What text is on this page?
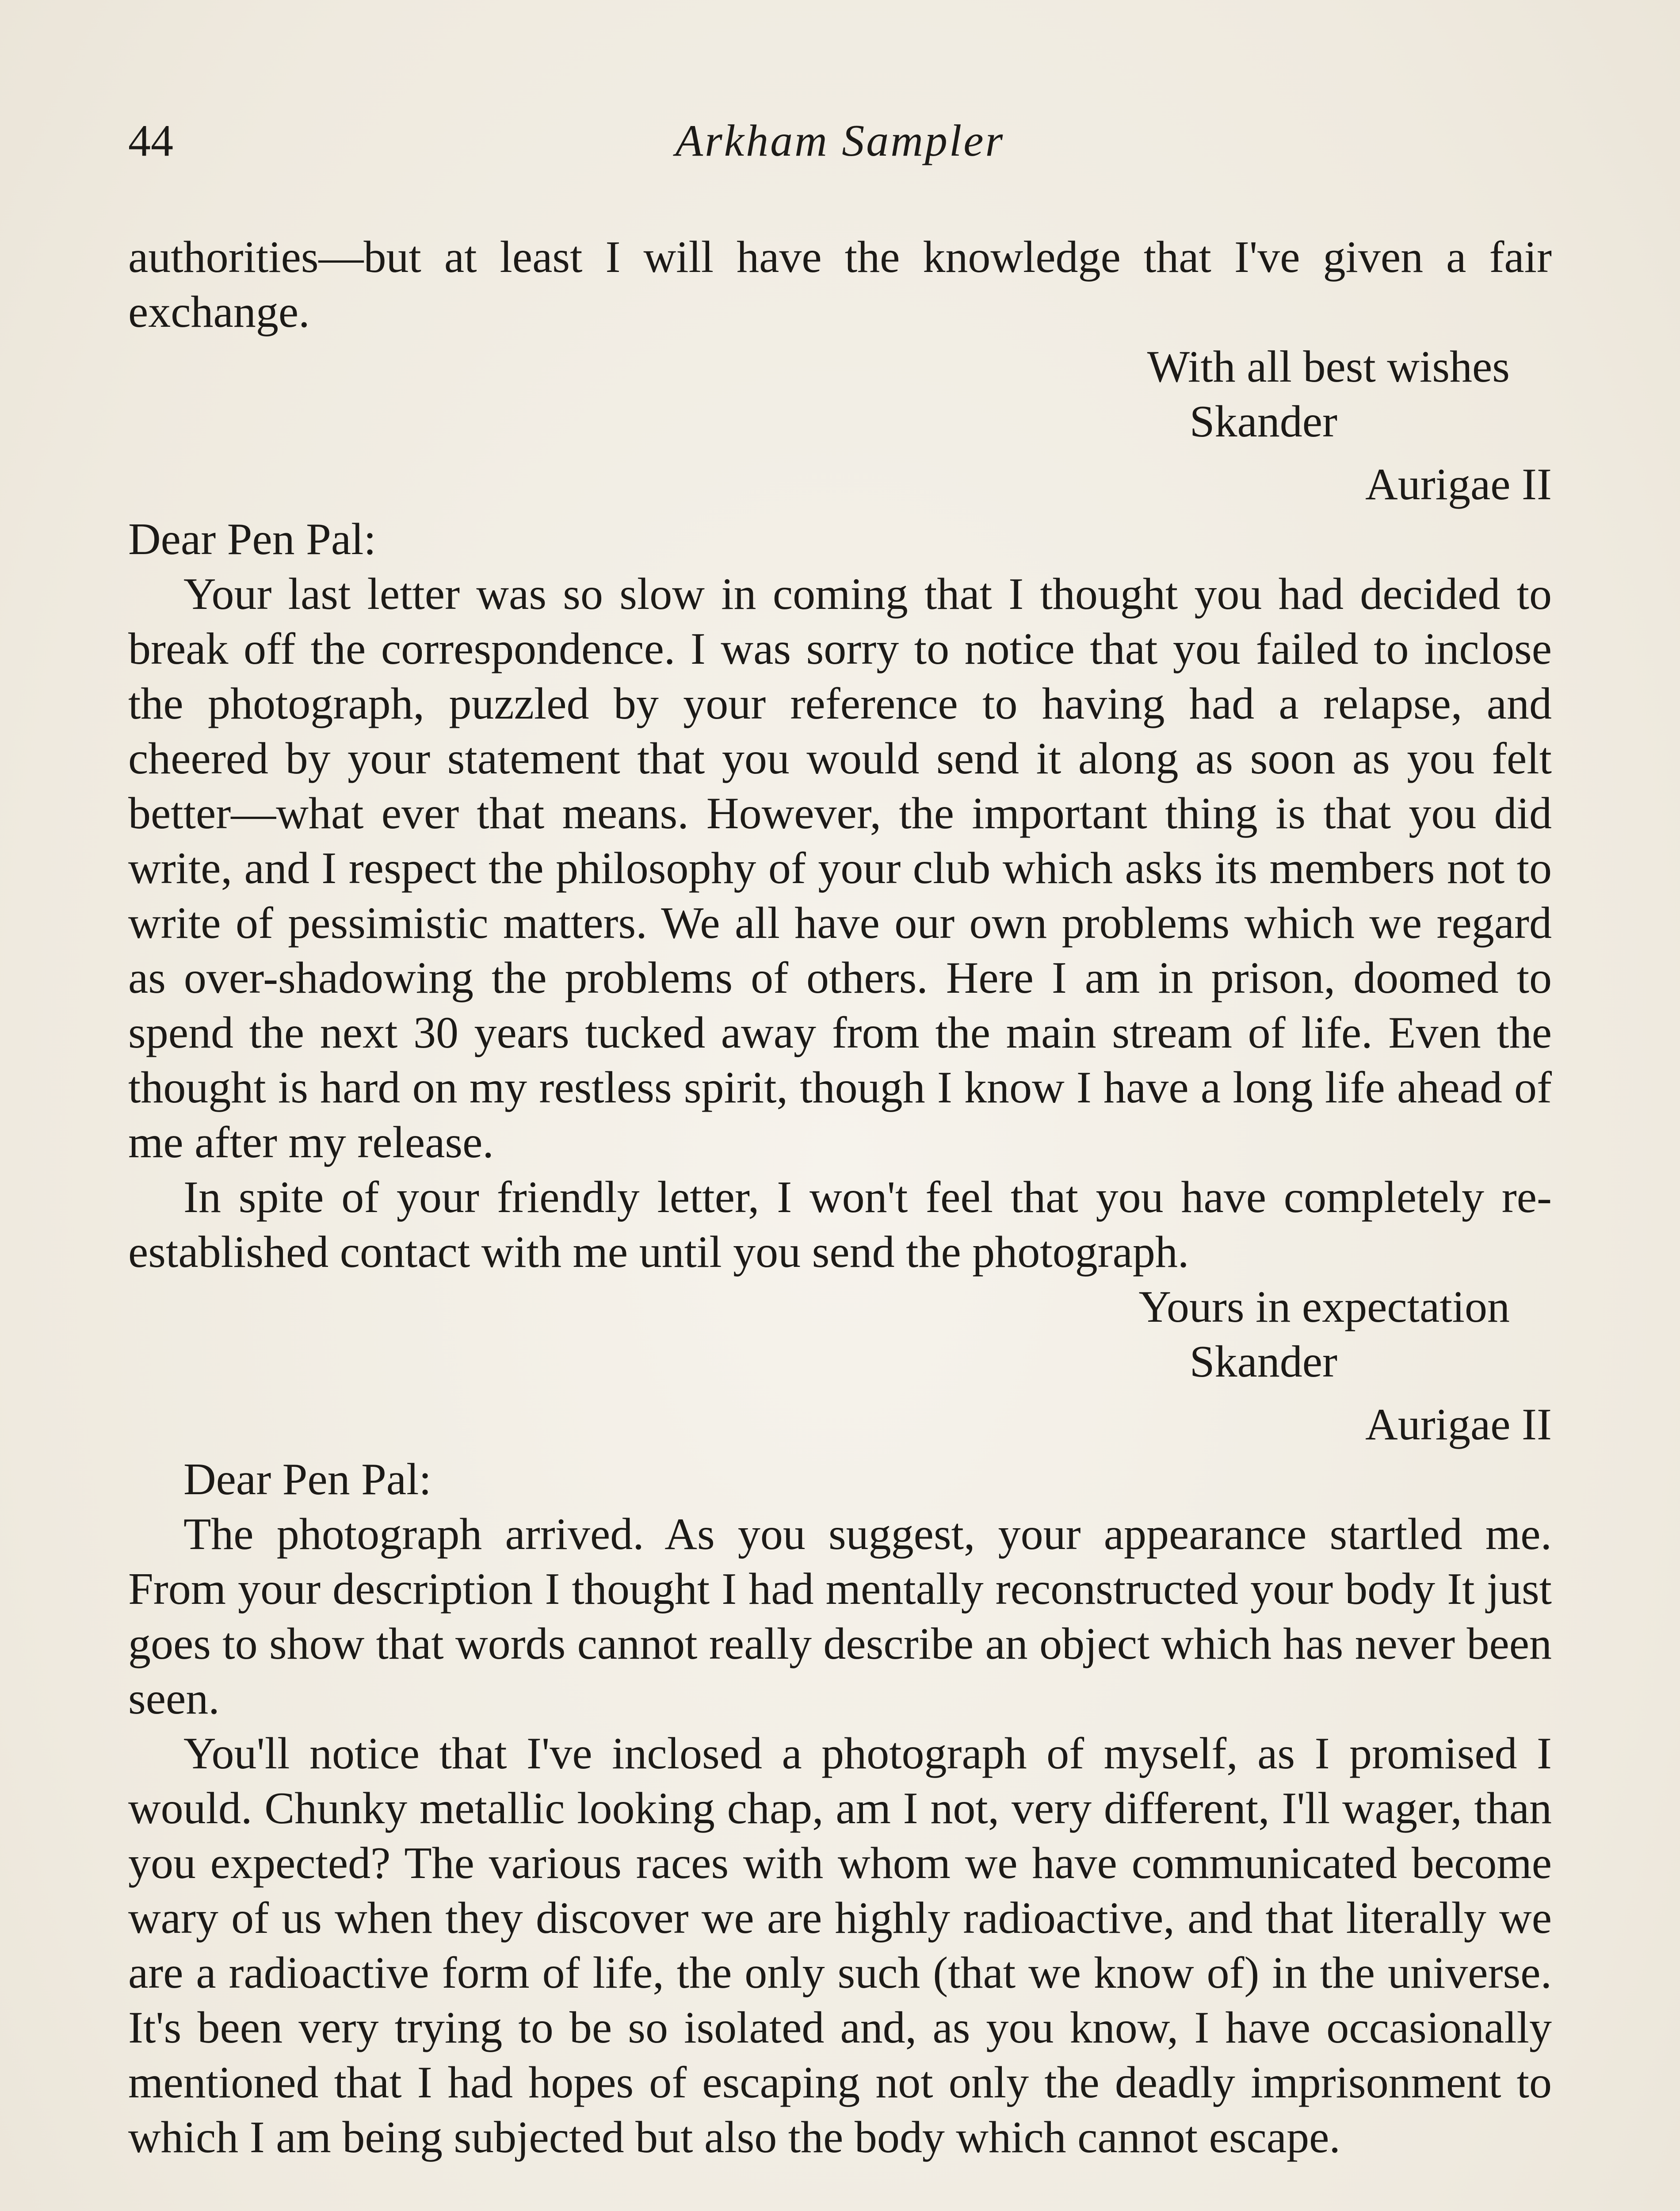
44	Arkham Sampler

authorities—but at least I will have the knowledge that I've given a fair exchange.

With all best wishes
Skander
Aurigae II
Dear Pen Pal:

Your last letter was so slow in coming that I thought you had decided to break off the correspondence. I was sorry to notice that you failed to inclose the photograph, puzzled by your reference to having had a relapse, and cheered by your statement that you would send it along as soon as you felt better—what ever that means. However, the important thing is that you did write, and I respect the philosophy of your club which asks its members not to write of pessimistic matters. We all have our own problems which we regard as over-shadowing the problems of others. Here I am in prison, doomed to spend the next 30 years tucked away from the main stream of life. Even the thought is hard on my restless spirit, though I know I have a long life ahead of me after my release.

In spite of your friendly letter, I won't feel that you have completely re-established contact with me until you send the photograph.

Yours in expectation
Skander
Aurigae II
Dear Pen Pal:

The photograph arrived. As you suggest, your appearance startled me. From your description I thought I had mentally reconstructed your body It just goes to show that words cannot really describe an object which has never been seen.

You'll notice that I've inclosed a photograph of myself, as I promised I would. Chunky metallic looking chap, am I not, very different, I'll wager, than you expected? The various races with whom we have communicated become wary of us when they discover we are highly radioactive, and that literally we are a radioactive form of life, the only such (that we know of) in the universe. It's been very trying to be so isolated and, as you know, I have occasionally mentioned that I had hopes of escaping not only the deadly imprisonment to which I am being subjected but also the body which cannot escape.
